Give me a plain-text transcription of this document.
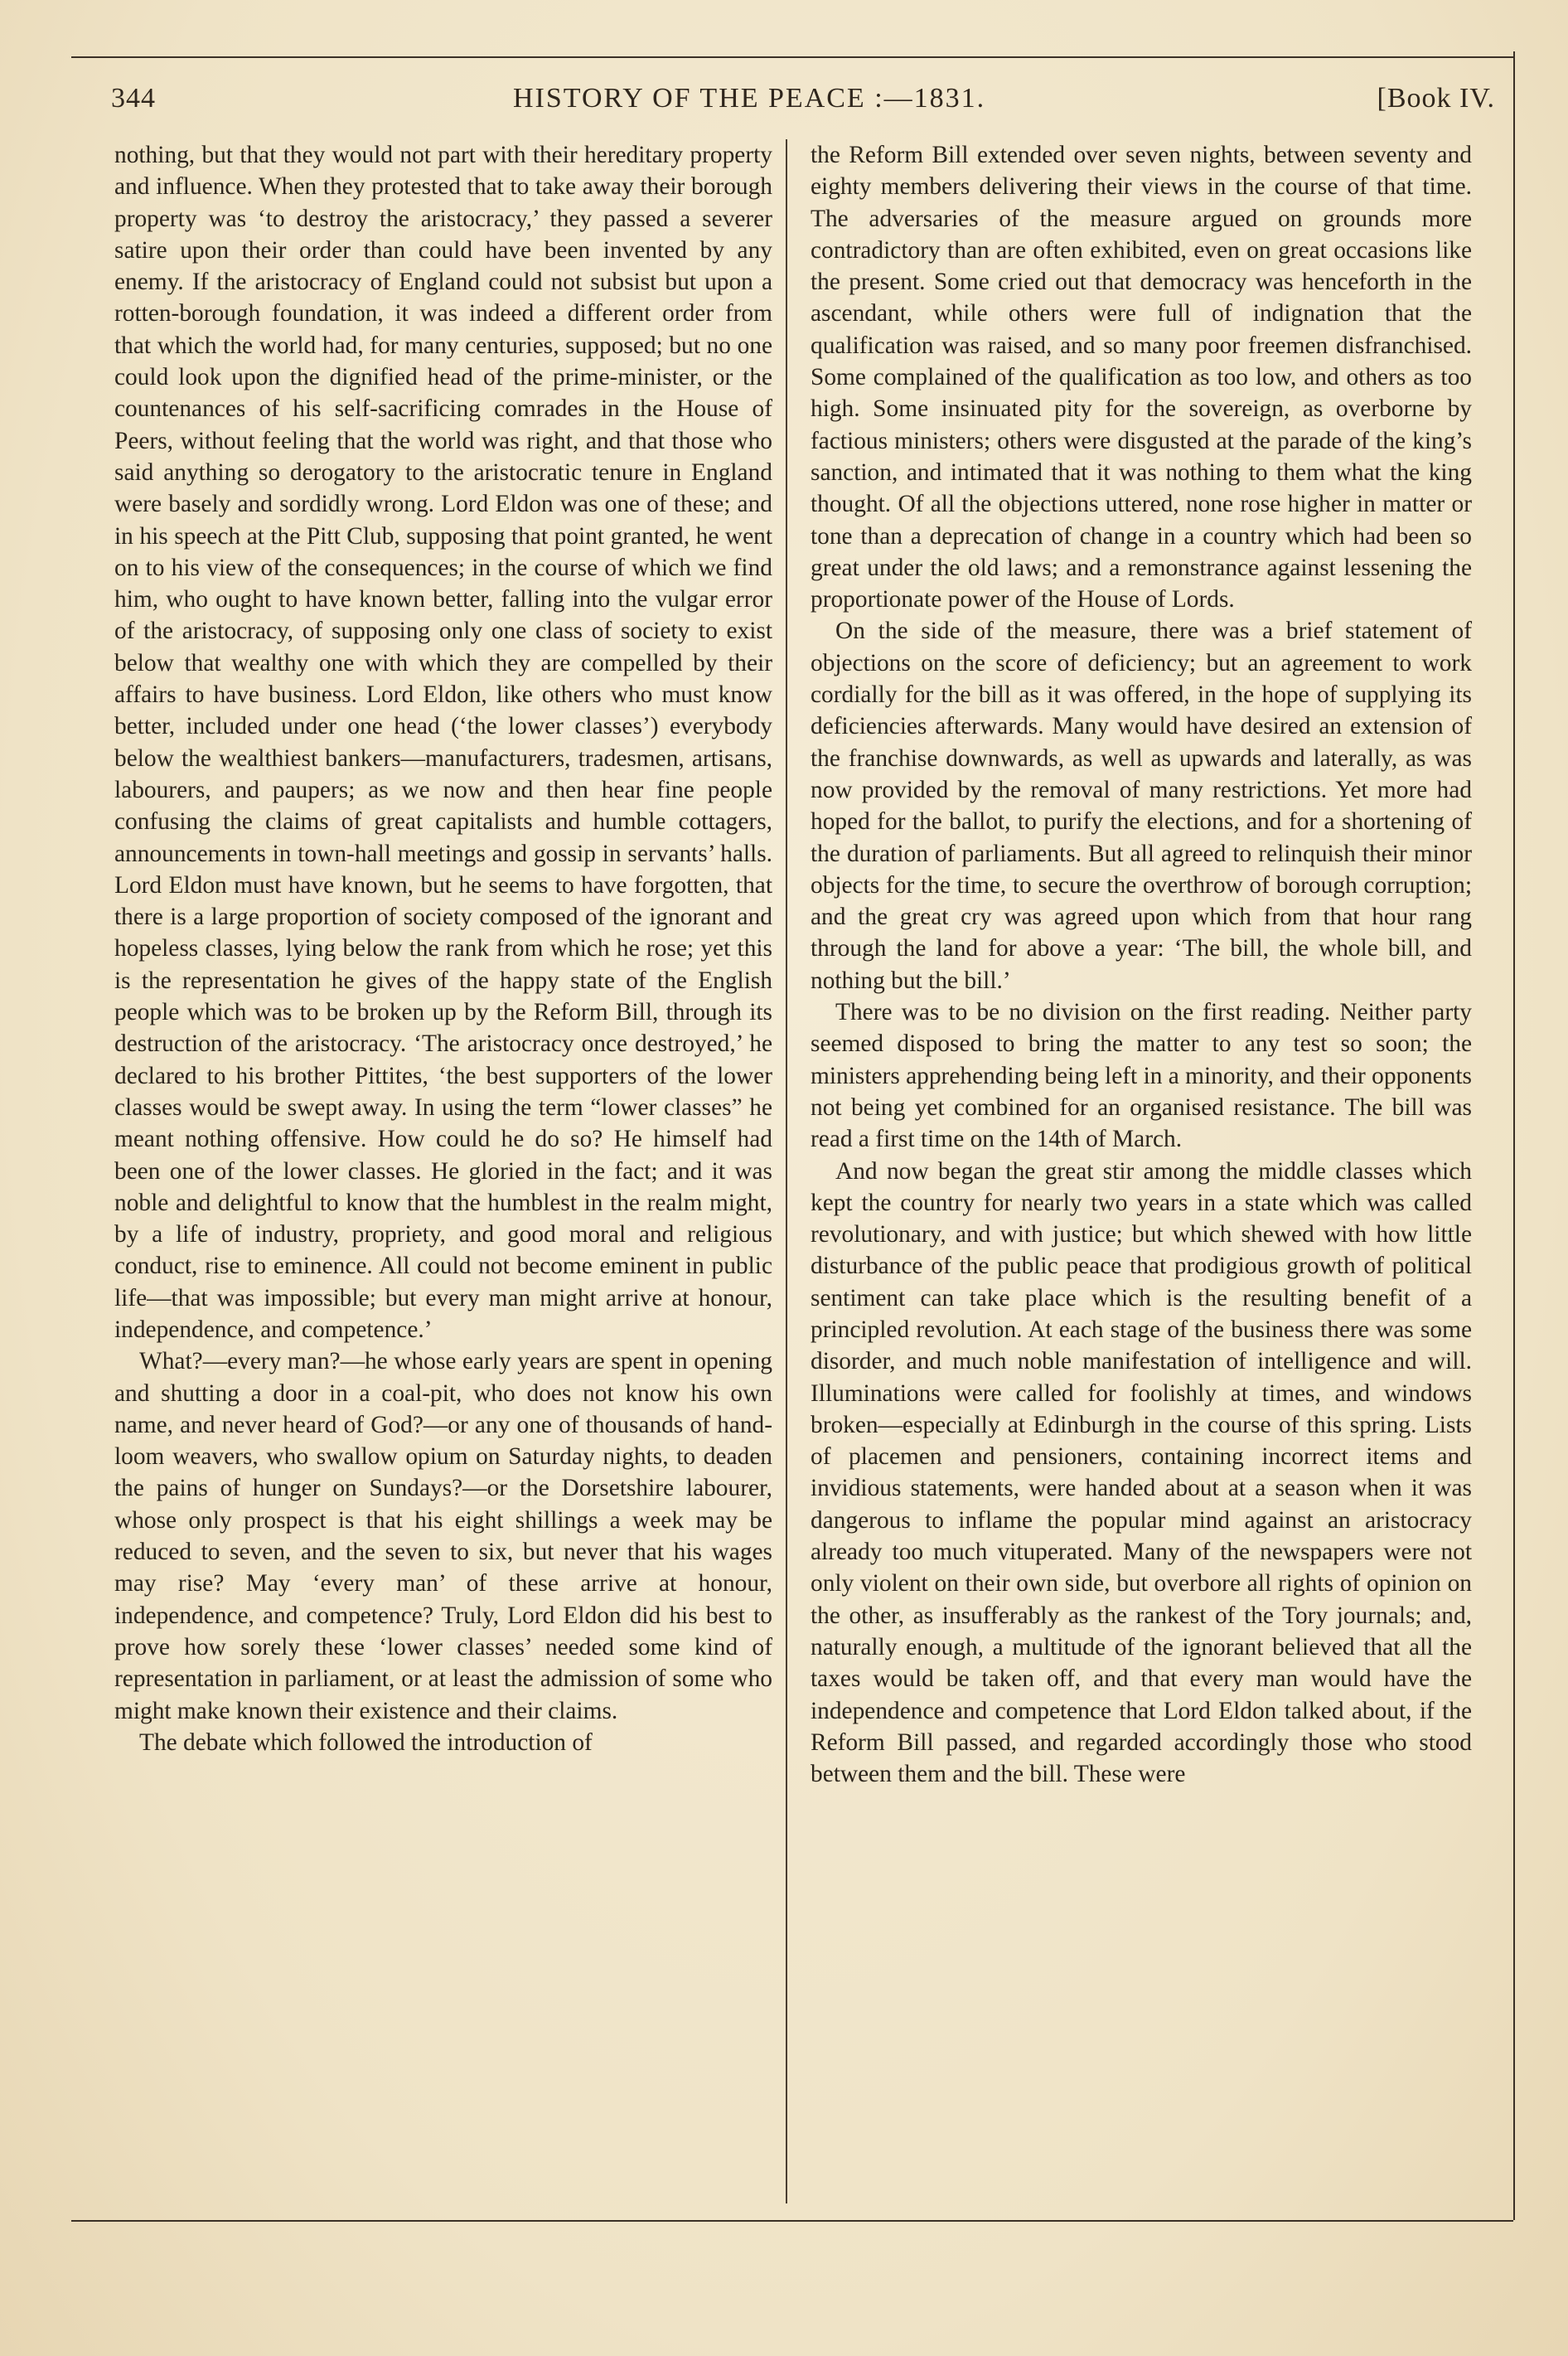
344	HISTORY OF THE PEACE :—1831.	[Book IV.

nothing, but that they would not part with their hereditary property and influence. When they protested that to take away their borough property was ‘to destroy the aristocracy,’ they passed a severer satire upon their order than could have been invented by any enemy. If the aristocracy of England could not subsist but upon a rotten-borough foundation, it was indeed a different order from that which the world had, for many centuries, supposed; but no one could look upon the dignified head of the prime-minister, or the countenances of his self-sacrificing comrades in the House of Peers, without feeling that the world was right, and that those who said anything so derogatory to the aristocratic tenure in England were basely and sordidly wrong. Lord Eldon was one of these; and in his speech at the Pitt Club, supposing that point granted, he went on to his view of the consequences; in the course of which we find him, who ought to have known better, falling into the vulgar error of the aristocracy, of supposing only one class of society to exist below that wealthy one with which they are compelled by their affairs to have business. Lord Eldon, like others who must know better, included under one head (‘the lower classes’) everybody below the wealthiest bankers—manufacturers, tradesmen, artisans, labourers, and paupers; as we now and then hear fine people confusing the claims of great capitalists and humble cottagers, announcements in town-hall meetings and gossip in servants’ halls. Lord Eldon must have known, but he seems to have forgotten, that there is a large proportion of society composed of the ignorant and hopeless classes, lying below the rank from which he rose; yet this is the representation he gives of the happy state of the English people which was to be broken up by the Reform Bill, through its destruction of the aristocracy. ‘The aristocracy once destroyed,’ he declared to his brother Pittites, ‘the best supporters of the lower classes would be swept away. In using the term “lower classes” he meant nothing offensive. How could he do so? He himself had been one of the lower classes. He gloried in the fact; and it was noble and delightful to know that the humblest in the realm might, by a life of industry, propriety, and good moral and religious conduct, rise to eminence. All could not become eminent in public life—that was impossible; but every man might arrive at honour, independence, and competence.’

What?—every man?—he whose early years are spent in opening and shutting a door in a coal-pit, who does not know his own name, and never heard of God?—or any one of thousands of hand-loom weavers, who swallow opium on Saturday nights, to deaden the pains of hunger on Sundays?—or the Dorsetshire labourer, whose only prospect is that his eight shillings a week may be reduced to seven, and the seven to six, but never that his wages may rise? May ‘every man’ of these arrive at honour, independence, and competence? Truly, Lord Eldon did his best to prove how sorely these ‘lower classes’ needed some kind of representation in parliament, or at least the admission of some who might make known their existence and their claims.

The debate which followed the introduction of

the Reform Bill extended over seven nights, between seventy and eighty members delivering their views in the course of that time. The adversaries of the measure argued on grounds more contradictory than are often exhibited, even on great occasions like the present. Some cried out that democracy was henceforth in the ascendant, while others were full of indignation that the qualification was raised, and so many poor freemen disfranchised. Some complained of the qualification as too low, and others as too high. Some insinuated pity for the sovereign, as overborne by factious ministers; others were disgusted at the parade of the king’s sanction, and intimated that it was nothing to them what the king thought. Of all the objections uttered, none rose higher in matter or tone than a deprecation of change in a country which had been so great under the old laws; and a remonstrance against lessening the proportionate power of the House of Lords.

On the side of the measure, there was a brief statement of objections on the score of deficiency; but an agreement to work cordially for the bill as it was offered, in the hope of supplying its deficiencies afterwards. Many would have desired an extension of the franchise downwards, as well as upwards and laterally, as was now provided by the removal of many restrictions. Yet more had hoped for the ballot, to purify the elections, and for a shortening of the duration of parliaments. But all agreed to relinquish their minor objects for the time, to secure the overthrow of borough corruption; and the great cry was agreed upon which from that hour rang through the land for above a year: ‘The bill, the whole bill, and nothing but the bill.’

There was to be no division on the first reading. Neither party seemed disposed to bring the matter to any test so soon; the ministers apprehending being left in a minority, and their opponents not being yet combined for an organised resistance. The bill was read a first time on the 14th of March.

And now began the great stir among the middle classes which kept the country for nearly two years in a state which was called revolutionary, and with justice; but which shewed with how little disturbance of the public peace that prodigious growth of political sentiment can take place which is the resulting benefit of a principled revolution. At each stage of the business there was some disorder, and much noble manifestation of intelligence and will. Illuminations were called for foolishly at times, and windows broken—especially at Edinburgh in the course of this spring. Lists of placemen and pensioners, containing incorrect items and invidious statements, were handed about at a season when it was dangerous to inflame the popular mind against an aristocracy already too much vituperated. Many of the newspapers were not only violent on their own side, but overbore all rights of opinion on the other, as insufferably as the rankest of the Tory journals; and, naturally enough, a multitude of the ignorant believed that all the taxes would be taken off, and that every man would have the independence and competence that Lord Eldon talked about, if the Reform Bill passed, and regarded accordingly those who stood between them and the bill. These were
